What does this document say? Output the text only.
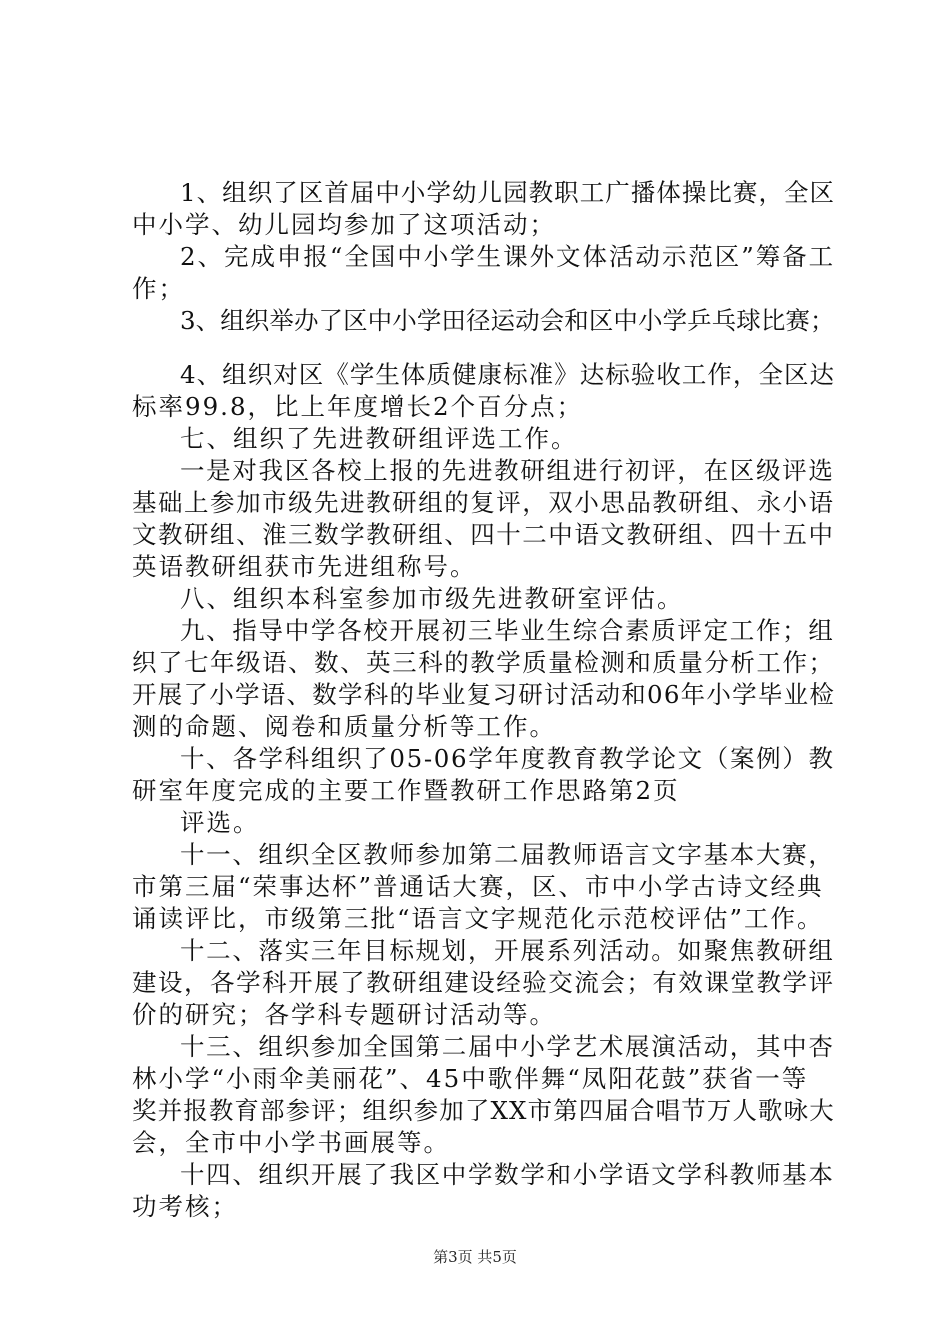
1、组织了区首届中小学幼儿园教职工广播体操比赛，全区
中小学、幼儿园均参加了这项活动；
2、完成申报“全国中小学生课外文体活动示范区”筹备工
作；
3、组织举办了区中小学田径运动会和区中小学乒乓球比赛；
4、组织对区《学生体质健康标准》达标验收工作，全区达
标率99.8，比上年度增长2个百分点；
七、组织了先进教研组评选工作。
一是对我区各校上报的先进教研组进行初评，在区级评选
基础上参加市级先进教研组的复评，双小思品教研组、永小语
文教研组、淮三数学教研组、四十二中语文教研组、四十五中
英语教研组获市先进组称号。
八、组织本科室参加市级先进教研室评估。
九、指导中学各校开展初三毕业生综合素质评定工作；组
织了七年级语、数、英三科的教学质量检测和质量分析工作；
开展了小学语、数学科的毕业复习研讨活动和06年小学毕业检
测的命题、阅卷和质量分析等工作。
十、各学科组织了05-06学年度教育教学论文（案例）教
研室年度完成的主要工作暨教研工作思路第2页
评选。
十一、组织全区教师参加第二届教师语言文字基本大赛，
市第三届“荣事达杯”普通话大赛，区、市中小学古诗文经典
诵读评比，市级第三批“语言文字规范化示范校评估”工作。
十二、落实三年目标规划，开展系列活动。如聚焦教研组
建设，各学科开展了教研组建设经验交流会；有效课堂教学评
价的研究；各学科专题研讨活动等。
十三、组织参加全国第二届中小学艺术展演活动，其中杏
林小学“小雨伞美丽花”、45中歌伴舞“凤阳花鼓”获省一等
奖并报教育部参评；组织参加了XX市第四届合唱节万人歌咏大
会，全市中小学书画展等。
十四、组织开展了我区中学数学和小学语文学科教师基本
功考核；
第3页 共5页
